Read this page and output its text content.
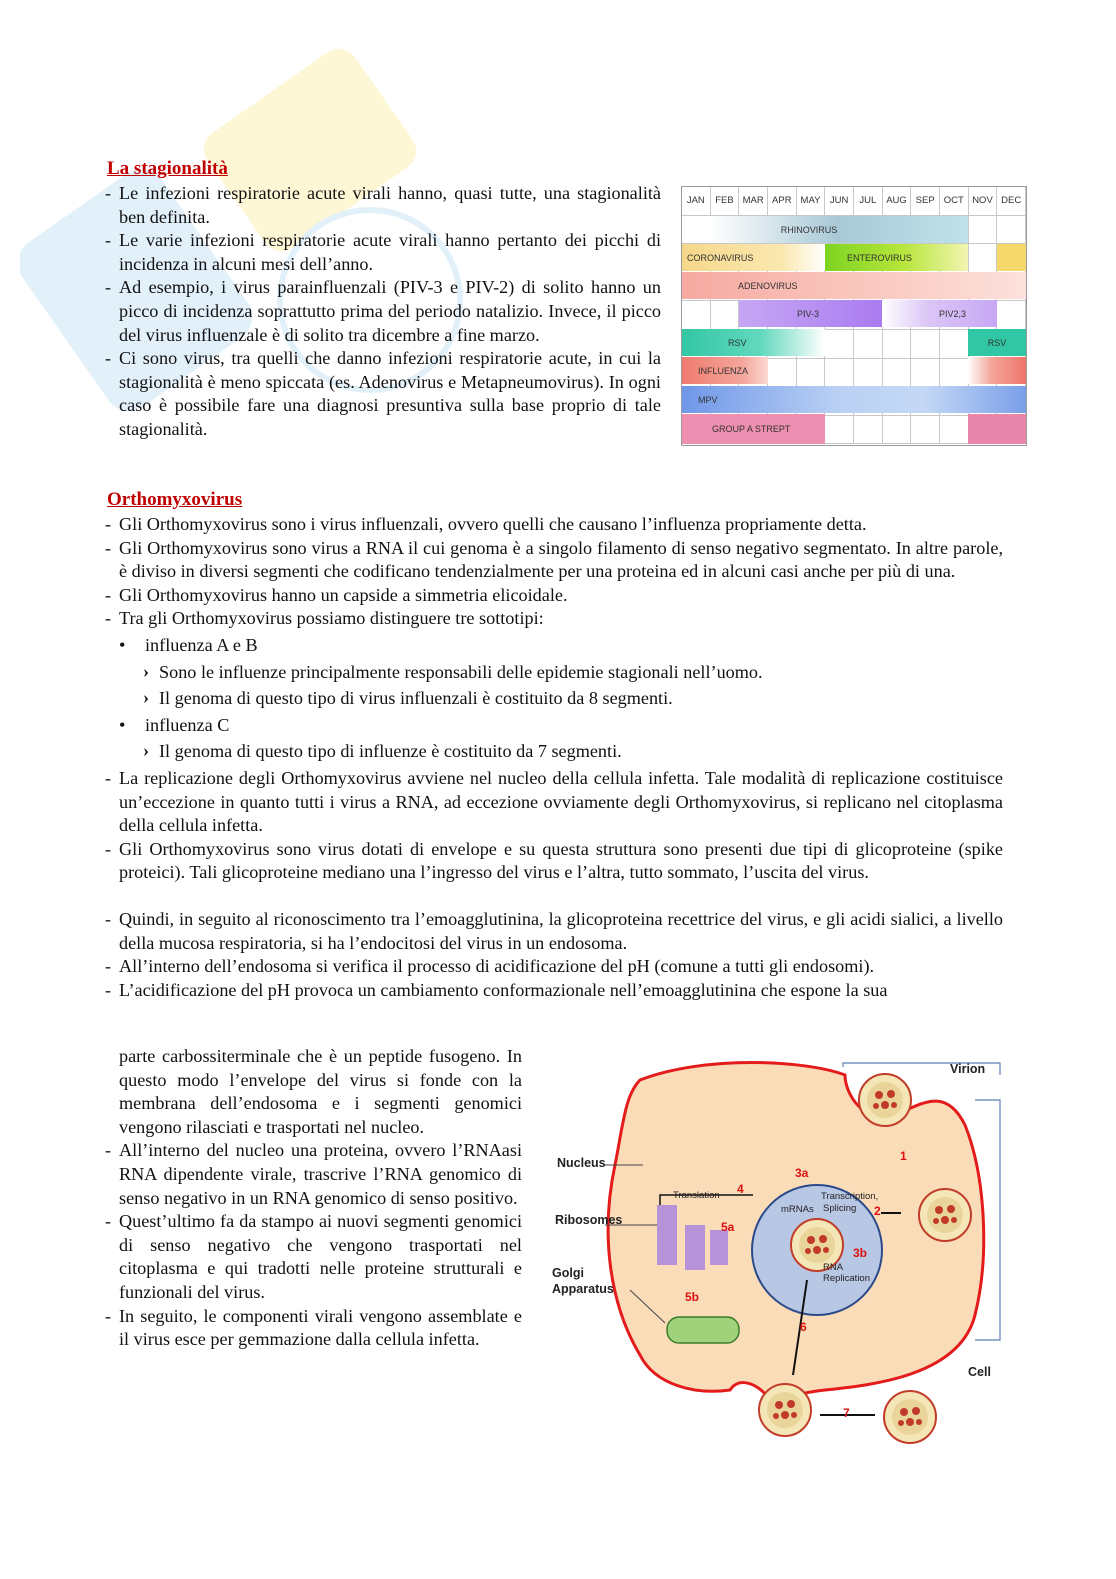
La stagionalità
- Le infezioni respiratorie acute virali hanno, quasi tutte, una stagionalità ben definita.
- Le varie infezioni respiratorie acute virali hanno pertanto dei picchi di incidenza in alcuni mesi dell’anno.
- Ad esempio, i virus parainfluenzali (PIV-3 e PIV-2) di solito hanno un picco di incidenza soprattutto prima del periodo natalizio. Invece, il picco del virus influenzale è di solito tra dicembre a fine marzo.
- Ci sono virus, tra quelli che danno infezioni respiratorie acute, in cui la stagionalità è meno spiccata (es. Adenovirus e Metapneumovirus). In ogni caso è possibile fare una diagnosi presuntiva sulla base proprio di tale stagionalità.
JAN	FEB MAR APR MAY JUN	JUL	AUG SEP OCT NOV DEC
RHINOVIRUS
CORONAVIRUS	ENTEROVIRUS
ADENOVIRUS
PIV-3	PIV2,3
RSV	RSV
INFLUENZA
MPV
GROUP A STREPT
Orthomyxovirus
- Gli Orthomyxovirus sono i virus influenzali, ovvero quelli che causano l’influenza propriamente detta.
- Gli Orthomyxovirus sono virus a RNA il cui genoma è a singolo filamento di senso negativo segmentato. In altre parole, è diviso in diversi segmenti che codificano tendenzialmente per una proteina ed in alcuni casi anche per più di una.
- Gli Orthomyxovirus hanno un capside a simmetria elicoidale.
- Tra gli Orthomyxovirus possiamo distinguere tre sottotipi:
• influenza A e B
› Sono le influenze principalmente responsabili delle epidemie stagionali nell’uomo.
› Il genoma di questo tipo di virus influenzali è costituito da 8 segmenti.
• influenza C
› Il genoma di questo tipo di influenze è costituito da 7 segmenti.
- La replicazione degli Orthomyxovirus avviene nel nucleo della cellula infetta. Tale modalità di replicazione costituisce un’eccezione in quanto tutti i virus a RNA, ad eccezione ovviamente degli Orthomyxovirus, si replicano nel citoplasma della cellula infetta.
- Gli Orthomyxovirus sono virus dotati di envelope e su questa struttura sono presenti due tipi di glicoproteine (spike proteici). Tali glicoproteine mediano una l’ingresso del virus e l’altra, tutto sommato, l’uscita del virus.
- Quindi, in seguito al riconoscimento tra l’emoagglutinina, la glicoproteina recettrice del virus, e gli acidi sialici, a livello della mucosa respiratoria, si ha l’endocitosi del virus in un endosoma.
- All’interno dell’endosoma si verifica il processo di acidificazione del pH (comune a tutti gli endosomi).
- L’acidificazione del pH provoca un cambiamento conformazionale nell’emoagglutinina che espone la sua
parte carbossiterminale che è un peptide fusogeno. In questo modo l’envelope del virus si fonde con la membrana dell’endosoma e i segmenti genomici vengono rilasciati e trasportati nel nucleo.
- All’interno del nucleo una proteina, ovvero l’RNAasi RNA dipendente virale, trascrive l’RNA genomico di senso negativo in un RNA genomico di senso positivo.
- Quest’ultimo fa da stampo ai nuovi segmenti genomici di senso negativo che vengono trasportati nel citoplasma e qui tradotti nelle proteine strutturali e funzionali del virus.
- In seguito, le componenti virali vengono assemblate e il virus esce per gemmazione dalla cellula infetta.
Virion
Nucleus
Ribosomes
Golgi
Apparatus
Cell
Translation
mRNAs
Transcription,
Splicing
RNA
Replication
1
2
3a
3b
4
5a
5b
6
7
